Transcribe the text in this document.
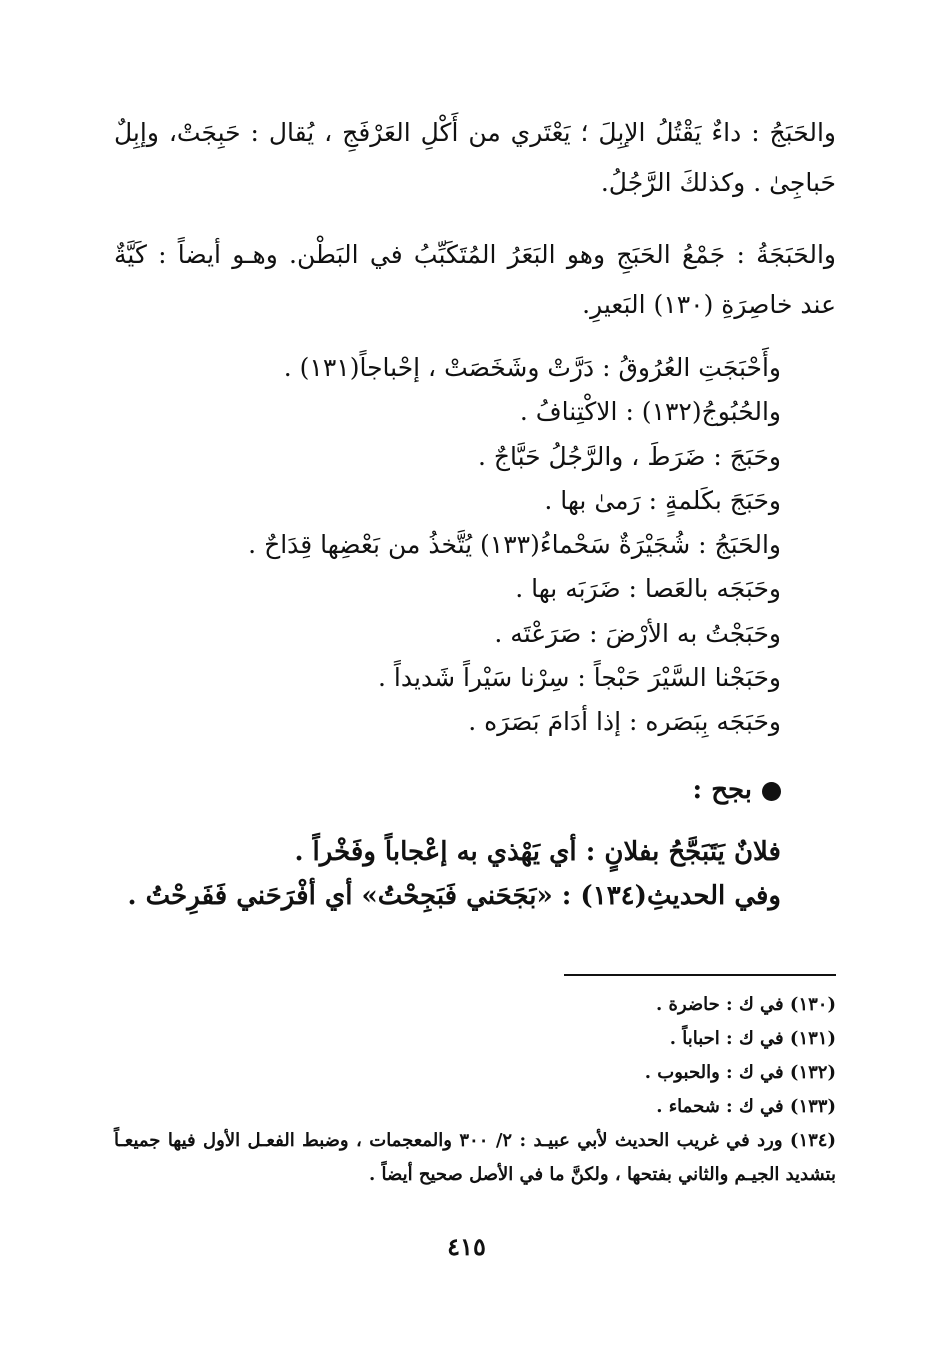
والحَبَجُ : داءٌ يَقْتُلُ الإبِلَ ؛ يَعْتَري من أَكْلِ العَرْفَجِ ، يُقال : حَبِجَتْ، وإبِلٌ حَباجِىٰ . وكذلكَ الرَّجُلُ.

والحَبَجَةُ : جَمْعُ الحَبَجِ وهو البَعَرُ المُتَكَبِّبُ في البَطْن. وهـو أيضاً : كَيَّةٌ عند خاصِرَةِ (١٣٠) البَعيرِ.

وأَحْبَجَتِ العُرُوقُ : دَرَّتْ وشَخَصَتْ ، إحْباجاً(١٣١) .
والحُبُوجُ(١٣٢) : الاكْتِنافُ .
وحَبَجَ : ضَرَطَ ، والرَّجُلُ حَبَّاجٌ .
وحَبَجَ بكَلمةٍ : رَمىٰ بها .
والحَبَجُ : شُجَيْرَةٌ سَحْماءُ(١٣٣) يُتَّخذُ من بَعْضِها قِدَاحٌ .
وحَبَجَه بالعَصا : ضَرَبَه بها .
وحَبَجْتُ به الأرْضَ : صَرَعْتَه .
وحَبَجْنا السَّيْرَ حَبْجاً : سِرْنا سَيْراً شَديداً .
وحَبَجَه بِبَصَره : إذا أدَامَ بَصَرَه .
بجح :
فلانٌ يَتَبَجَّحُ بفلانٍ : أي يَهْذي به إعْجاباً وفَخْراً .
وفي الحديثِ(١٣٤) : «بَجَحَني فَبَجِحْتُ» أي أفْرَحَني فَفَرِحْتُ .
(١٣٠) في ك : حاضرة .
(١٣١) في ك : احباباً .
(١٣٢) في ك : والحبوب .
(١٣٣) في ك : شحماء .
(١٣٤) ورد في غريب الحديث لأبي عبيـد : ٢/ ٣٠٠ والمعجمات ، وضبط الفعـل الأول فيها جميعـاً بتشديد الجيـم والثاني بفتحها ، ولكنَّ ما في الأصل صحيح أيضاً .
٤١٥
